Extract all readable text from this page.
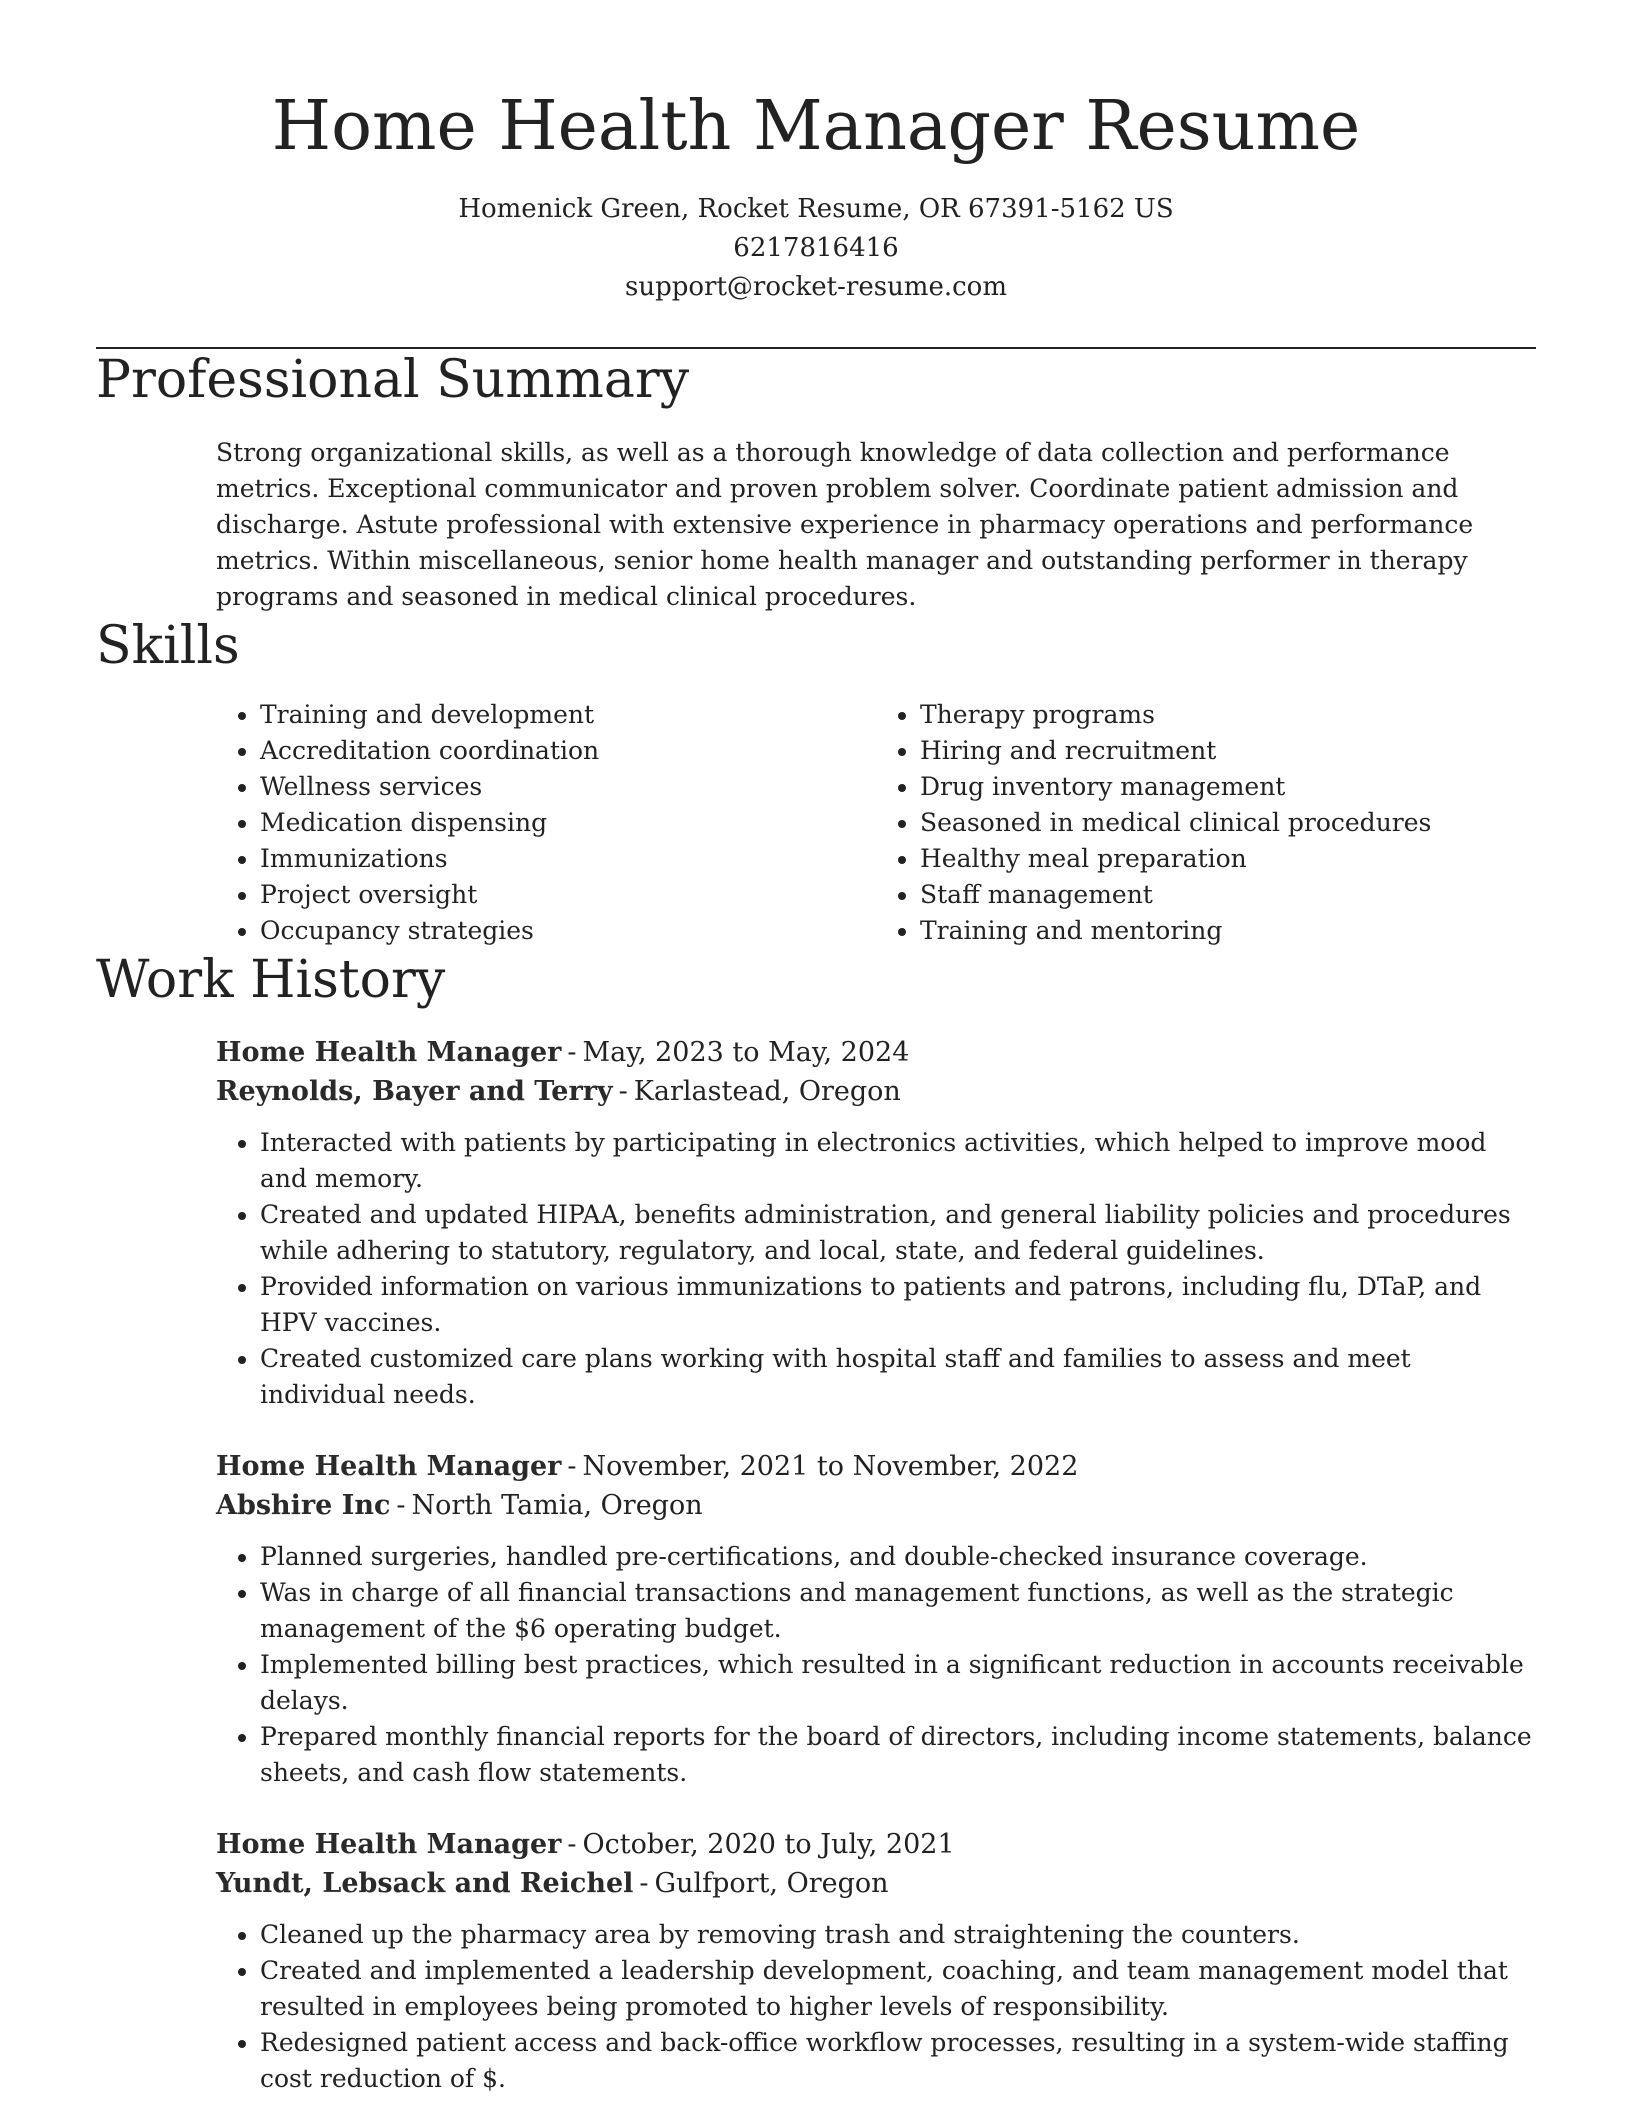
Home Health Manager Resume
Homenick Green, Rocket Resume, OR 67391-5162 US
6217816416
support@rocket-resume.com
Professional Summary

Strong organizational skills, as well as a thorough knowledge of data collection and performance metrics. Exceptional communicator and proven problem solver. Coordinate patient admission and discharge. Astute professional with extensive experience in pharmacy operations and performance metrics. Within miscellaneous, senior home health manager and outstanding performer in therapy programs and seasoned in medical clinical procedures.

Skills
• Training and development
• Accreditation coordination
• Wellness services
• Medication dispensing
• Immunizations
• Project oversight
• Occupancy strategies
• Therapy programs
• Hiring and recruitment
• Drug inventory management
• Seasoned in medical clinical procedures
• Healthy meal preparation
• Staff management
• Training and mentoring
Work History
Home Health Manager - May, 2023 to May, 2024
Reynolds, Bayer and Terry - Karlastead, Oregon
• Interacted with patients by participating in electronics activities, which helped to improve mood and memory.
• Created and updated HIPAA, benefits administration, and general liability policies and procedures while adhering to statutory, regulatory, and local, state, and federal guidelines.
• Provided information on various immunizations to patients and patrons, including flu, DTaP, and HPV vaccines.
• Created customized care plans working with hospital staff and families to assess and meet individual needs.
Home Health Manager - November, 2021 to November, 2022
Abshire Inc - North Tamia, Oregon
• Planned surgeries, handled pre-certifications, and double-checked insurance coverage.
• Was in charge of all financial transactions and management functions, as well as the strategic management of the $6 operating budget.
• Implemented billing best practices, which resulted in a significant reduction in accounts receivable delays.
• Prepared monthly financial reports for the board of directors, including income statements, balance sheets, and cash flow statements.
Home Health Manager - October, 2020 to July, 2021
Yundt, Lebsack and Reichel - Gulfport, Oregon
• Cleaned up the pharmacy area by removing trash and straightening the counters.
• Created and implemented a leadership development, coaching, and team management model that resulted in employees being promoted to higher levels of responsibility.
• Redesigned patient access and back-office workflow processes, resulting in a system-wide staffing cost reduction of $.
